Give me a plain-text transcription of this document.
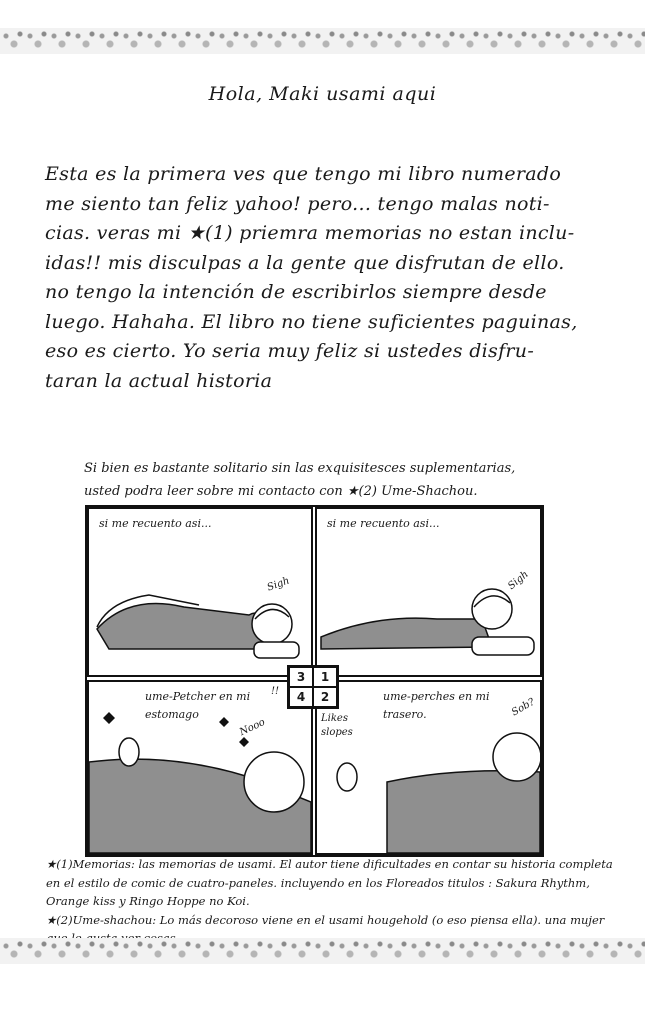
Hola, Maki usami aqui
Esta es la primera ves que tengo mi libro numerado
me siento tan feliz yahoo! pero... tengo malas noti-
cias. veras mi ★(1) priemra memorias no estan inclu-
idas!! mis disculpas a la gente que disfrutan de ello.
no tengo la intención de escribirlos siempre desde
luego. Hahaha. El libro no tiene suficientes paguinas,
eso es cierto. Yo seria muy feliz si ustedes disfru-
taran la actual historia
Si bien es bastante solitario sin las exquisitesces suplementarias,
usted podra leer sobre mi contacto con ★(2) Ume-Shachou.
si me recuento asi...
Sigh
si me recuento asi...
Sigh
ume-Petcher en mi estomago
Nooo
!!	ume-perches en mi trasero.
Likes slopes
Sob?
3	1
4	2

★(1)Memorias: las memorias de usami. El autor tiene dificultades en contar su historia completa en el estilo de comic de cuatro-paneles. incluyendo en los Floreados titulos : Sakura Rhythm, Orange kiss y Ringo Hoppe no Koi.

★(2)Ume-shachou: Lo más decoroso viene en el usami hougehold (o eso piensa ella). una mujer
